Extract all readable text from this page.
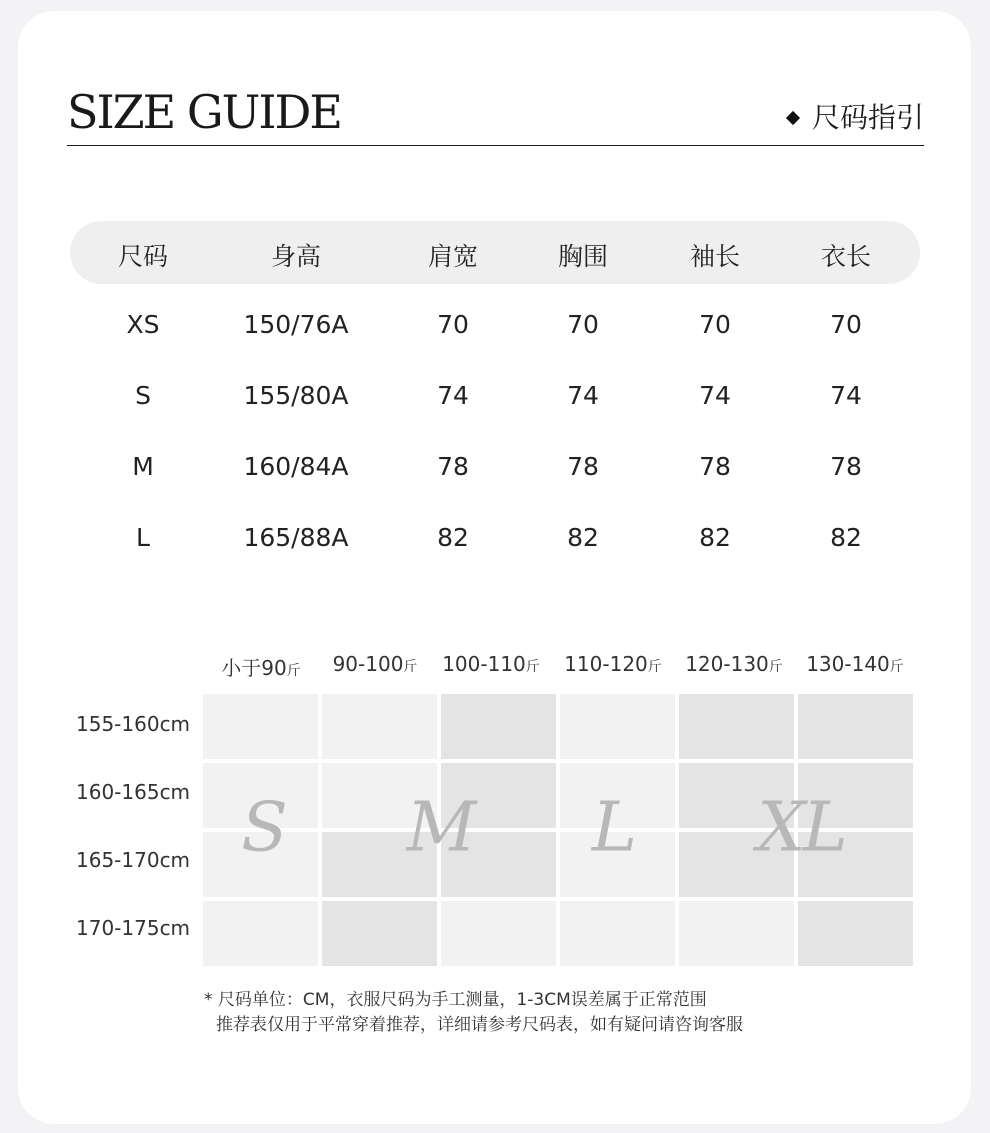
SIZE GUIDE	尺码指引
尺码	身高	肩宽	胸围	袖长	衣长
XS	150/76A	70	70	70	70
S	155/80A	74	74	74	74
M	160/84A	78	78	78	78
L	165/88A	82	82	82	82
小于90斤 90-100斤 100-110斤 110-120斤 120-130斤 130-140斤
155-160cm
160-165cm
165-170cm
170-175cm
S M L XL
* 尺码单位：CM，衣服尺码为手工测量，1-3CM误差属于正常范围
推荐表仅用于平常穿着推荐，详细请参考尺码表，如有疑问请咨询客服
